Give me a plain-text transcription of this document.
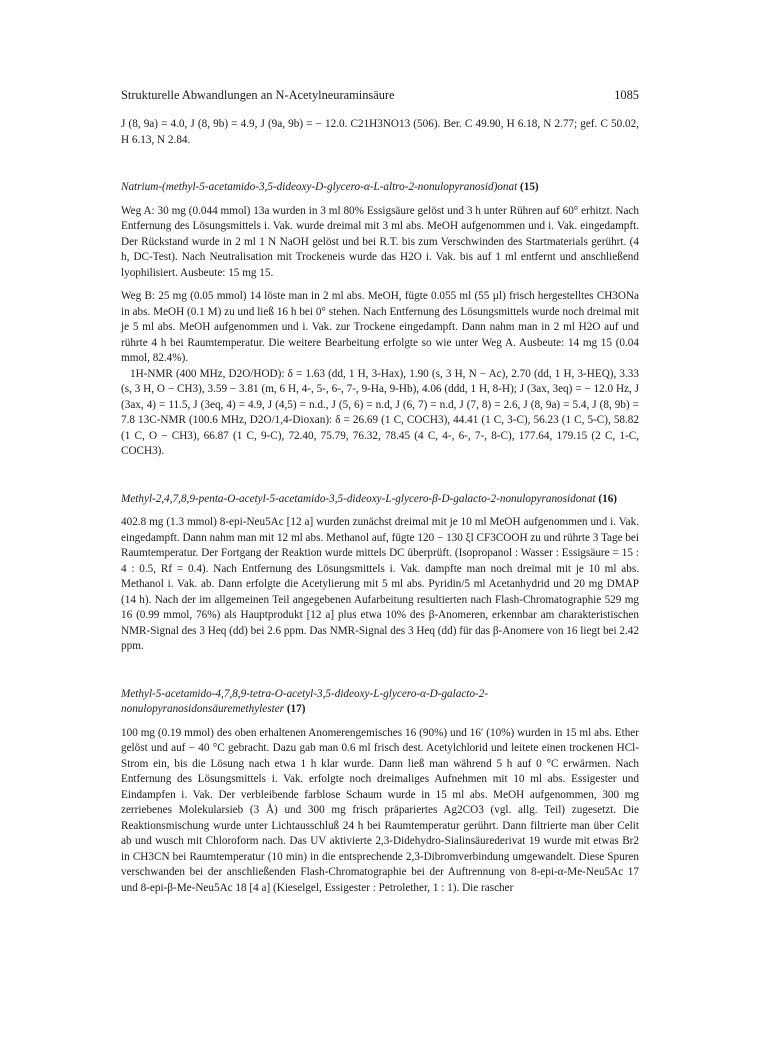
Strukturelle Abwandlungen an N-Acetylneuraminsäure	1085

J (8, 9a) = 4.0, J (8, 9b) = 4.9, J (9a, 9b) = − 12.0. C21H3NO13 (506). Ber. C 49.90, H 6.18, N 2.77; gef. C 50.02, H 6.13, N 2.84.

Natrium-(methyl-5-acetamido-3,5-dideoxy-D-glycero-α-L-altro-2-nonulopyranosid)onat (15)

Weg A: 30 mg (0.044 mmol) 13a wurden in 3 ml 80% Essigsäure gelöst und 3 h unter Rühren auf 60° erhitzt. Nach Entfernung des Lösungsmittels i. Vak. wurde dreimal mit 3 ml abs. MeOH aufgenommen und i. Vak. eingedampft. Der Rückstand wurde in 2 ml 1 N NaOH gelöst und bei R.T. bis zum Verschwinden des Startmaterials gerührt. (4 h, DC-Test). Nach Neutralisation mit Trockeneis wurde das H2O i. Vak. bis auf 1 ml entfernt und anschließend lyophilisiert. Ausbeute: 15 mg 15.

Weg B: 25 mg (0.05 mmol) 14 löste man in 2 ml abs. MeOH, fügte 0.055 ml (55 µl) frisch hergestelltes CH3ONa in abs. MeOH (0.1 M) zu und ließ 16 h bei 0° stehen. Nach Entfernung des Lösungsmittels wurde noch dreimal mit je 5 ml abs. MeOH aufgenommen und i. Vak. zur Trockene eingedampft. Dann nahm man in 2 ml H2O auf und rührte 4 h bei Raumtemperatur. Die weitere Bearbeitung erfolgte so wie unter Weg A. Ausbeute: 14 mg 15 (0.04 mmol, 82.4%).

1H-NMR (400 MHz, D2O/HOD): δ = 1.63 (dd, 1 H, 3-Hax), 1.90 (s, 3 H, N − Ac), 2.70 (dd, 1 H, 3-HEQ), 3.33 (s, 3 H, O − CH3), 3.59 − 3.81 (m, 6 H, 4-, 5-, 6-, 7-, 9-Ha, 9-Hb), 4.06 (ddd, 1 H, 8-H); J (3ax, 3eq) = − 12.0 Hz, J (3ax, 4) = 11.5, J (3eq, 4) = 4.9, J (4,5) = n.d., J (5, 6) = n.d, J (6, 7) = n.d, J (7, 8) = 2.6, J (8, 9a) = 5.4, J (8, 9b) = 7.8 13C-NMR (100.6 MHz, D2O/1,4-Dioxan): δ = 26.69 (1 C, COCH3), 44.41 (1 C, 3-C), 56.23 (1 C, 5-C), 58.82 (1 C, O − CH3), 66.87 (1 C, 9-C), 72.40, 75.79, 76.32, 78.45 (4 C, 4-, 6-, 7-, 8-C), 177.64, 179.15 (2 C, 1-C, COCH3).

Methyl-2,4,7,8,9-penta-O-acetyl-5-acetamido-3,5-dideoxy-L-glycero-β-D-galacto-2-nonulopyranosidonat (16)

402.8 mg (1.3 mmol) 8-epi-Neu5Ac [12 a] wurden zunächst dreimal mit je 10 ml MeOH aufgenommen und i. Vak. eingedampft. Dann nahm man mit 12 ml abs. Methanol auf, fügte 120 − 130 ξl CF3COOH zu und rührte 3 Tage bei Raumtemperatur. Der Fortgang der Reaktion wurde mittels DC überprüft. (Isopropanol : Wasser : Essigsäure = 15 : 4 : 0.5, Rf = 0.4). Nach Entfernung des Lösungsmittels i. Vak. dampfte man noch dreimal mit je 10 ml abs. Methanol i. Vak. ab. Dann erfolgte die Acetylierung mit 5 ml abs. Pyridin/5 ml Acetanhydrid und 20 mg DMAP (14 h). Nach der im allgemeinen Teil angegebenen Aufarbeitung resultierten nach Flash-Chromatographie 529 mg 16 (0.99 mmol, 76%) als Hauptprodukt [12 a] plus etwa 10% des β-Anomeren, erkennbar am charakteristischen NMR-Signal des 3 Heq (dd) bei 2.6 ppm. Das NMR-Signal des 3 Heq (dd) für das β-Anomere von 16 liegt bei 2.42 ppm.

Methyl-5-acetamido-4,7,8,9-tetra-O-acetyl-3,5-dideoxy-L-glycero-α-D-galacto-2-nonulopyranosidonsäuremethylester (17)

100 mg (0.19 mmol) des oben erhaltenen Anomerengemisches 16 (90%) und 16′ (10%) wurden in 15 ml abs. Ether gelöst und auf − 40 °C gebracht. Dazu gab man 0.6 ml frisch dest. Acetylchlorid und leitete einen trockenen HCl-Strom ein, bis die Lösung nach etwa 1 h klar wurde. Dann ließ man während 5 h auf 0 °C erwärmen. Nach Entfernung des Lösungsmittels i. Vak. erfolgte noch dreimaliges Aufnehmen mit 10 ml abs. Essigester und Eindampfen i. Vak. Der verbleibende farblose Schaum wurde in 15 ml abs. MeOH aufgenommen, 300 mg zerriebenes Molekularsieb (3 Å) und 300 mg frisch präpariertes Ag2CO3 (vgl. allg. Teil) zugesetzt. Die Reaktionsmischung wurde unter Lichtausschluß 24 h bei Raumtemperatur gerührt. Dann filtrierte man über Celit ab und wusch mit Chloroform nach. Das UV aktivierte 2,3-Didehydro-Sialinsäurederivat 19 wurde mit etwas Br2 in CH3CN bei Raumtemperatur (10 min) in die entsprechende 2,3-Dibromverbindung umgewandelt. Diese Spuren verschwanden bei der anschließenden Flash-Chromatographie bei der Auftrennung von 8-epi-α-Me-Neu5Ac 17 und 8-epi-β-Me-Neu5Ac 18 [4 a] (Kieselgel, Essigester : Petrolether, 1 : 1). Die rascher
